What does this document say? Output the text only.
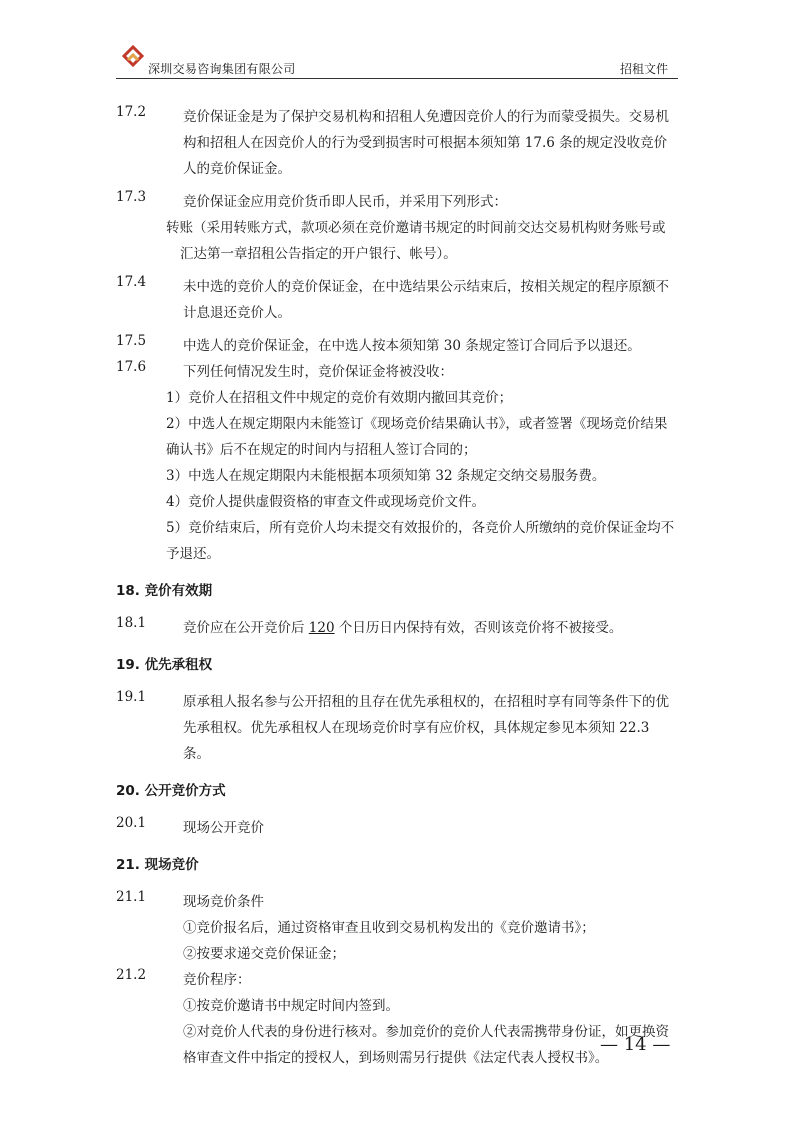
深圳交易咨询集团有限公司	招租文件
17.2	竞价保证金是为了保护交易机构和招租人免遭因竞价人的行为而蒙受损失。交易机构和招租人在因竞价人的行为受到损害时可根据本须知第 17.6 条的规定没收竞价人的竞价保证金。
17.3	竞价保证金应用竞价货币即人民币，并采用下列形式：
转账（采用转账方式，款项必须在竞价邀请书规定的时间前交达交易机构财务账号或汇达第一章招租公告指定的开户银行、帐号）。
17.4	未中选的竞价人的竞价保证金，在中选结果公示结束后，按相关规定的程序原额不计息退还竞价人。
17.5	中选人的竞价保证金，在中选人按本须知第 30 条规定签订合同后予以退还。
17.6	下列任何情况发生时，竞价保证金将被没收：
1）竞价人在招租文件中规定的竞价有效期内撤回其竞价；
2）中选人在规定期限内未能签订《现场竞价结果确认书》，或者签署《现场竞价结果确认书》后不在规定的时间内与招租人签订合同的；
3）中选人在规定期限内未能根据本项须知第 32 条规定交纳交易服务费。
4）竞价人提供虚假资格的审查文件或现场竞价文件。
5）竞价结束后，所有竞价人均未提交有效报价的，各竞价人所缴纳的竞价保证金均不予退还。
18. 竞价有效期
18.1	竞价应在公开竞价后 120 个日历日内保持有效，否则该竞价将不被接受。
19. 优先承租权
19.1	原承租人报名参与公开招租的且存在优先承租权的，在招租时享有同等条件下的优先承租权。优先承租权人在现场竞价时享有应价权，具体规定参见本须知 22.3 条。
20. 公开竞价方式
20.1	现场公开竞价
21. 现场竞价
21.1	现场竞价条件
①竞价报名后，通过资格审查且收到交易机构发出的《竞价邀请书》；
②按要求递交竞价保证金；
21.2	竞价程序：
①按竞价邀请书中规定时间内签到。
②对竞价人代表的身份进行核对。参加竞价的竞价人代表需携带身份证，如更换资格审查文件中指定的授权人，到场则需另行提供《法定代表人授权书》。
— 14 —
